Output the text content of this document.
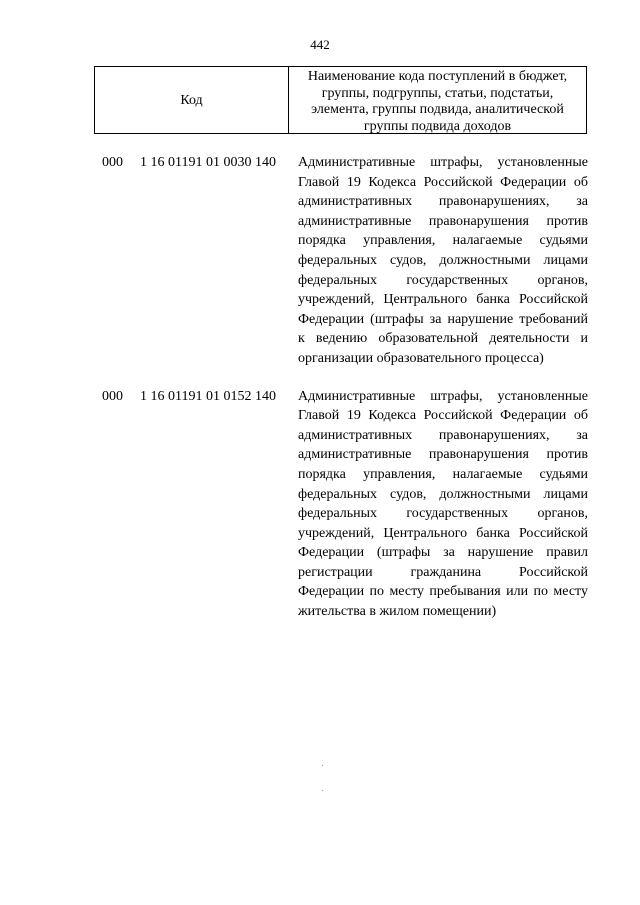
442
Код
Наименование кода поступлений в бюджет,
группы, подгруппы, статьи, подстатьи,
элемента, группы подвида, аналитической
группы подвида доходов
000	1 16 01191 01 0030 140	Административные штрафы, установленные
Главой 19 Кодекса Российской Федерации об
административных правонарушениях, за
административные правонарушения против
порядка управления, налагаемые судьями
федеральных судов, должностными лицами
федеральных государственных органов,
учреждений, Центрального банка Российской
Федерации (штрафы за нарушение требований
к ведению образовательной деятельности и
организации образовательного процесса)
000	1 16 01191 01 0152 140	Административные штрафы, установленные
Главой 19 Кодекса Российской Федерации об
административных правонарушениях, за
административные правонарушения против
порядка управления, налагаемые судьями
федеральных судов, должностными лицами
федеральных государственных органов,
учреждений, Центрального банка Российской
Федерации (штрафы за нарушение правил
регистрации гражданина Российской
Федерации по месту пребывания или по месту
жительства в жилом помещении)
